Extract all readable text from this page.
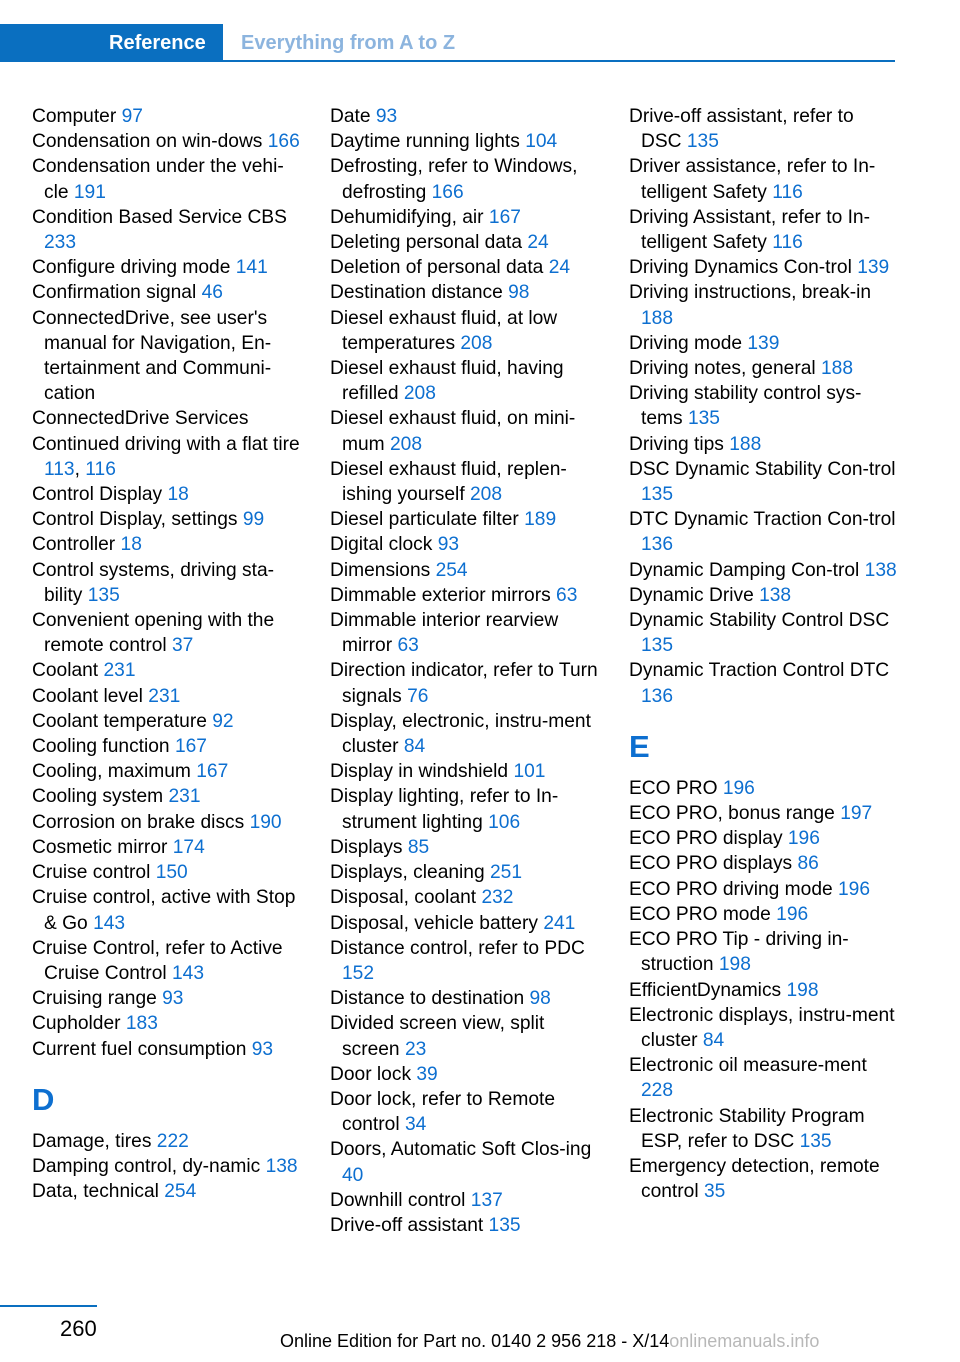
Reference	Everything from A to Z
Computer 97
Condensation on win-dows 166
Condensation under the vehi-cle 191
Condition Based Service CBS 233
Configure driving mode 141
Confirmation signal 46
ConnectedDrive, see user's manual for Navigation, En-tertainment and Communi-cation
ConnectedDrive Services
Continued driving with a flat tire 113, 116
Control Display 18
Control Display, settings 99
Controller 18
Control systems, driving sta-bility 135
Convenient opening with the remote control 37
Coolant 231
Coolant level 231
Coolant temperature 92
Cooling function 167
Cooling, maximum 167
Cooling system 231
Corrosion on brake discs 190
Cosmetic mirror 174
Cruise control 150
Cruise control, active with Stop & Go 143
Cruise Control, refer to Active Cruise Control 143
Cruising range 93
Cupholder 183
Current fuel consumption 93
D
Damage, tires 222
Damping control, dy-namic 138
Data, technical 254
Date 93
Daytime running lights 104
Defrosting, refer to Windows, defrosting 166
Dehumidifying, air 167
Deleting personal data 24
Deletion of personal data 24
Destination distance 98
Diesel exhaust fluid, at low temperatures 208
Diesel exhaust fluid, having refilled 208
Diesel exhaust fluid, on mini-mum 208
Diesel exhaust fluid, replen-ishing yourself 208
Diesel particulate filter 189
Digital clock 93
Dimensions 254
Dimmable exterior mirrors 63
Dimmable interior rearview mirror 63
Direction indicator, refer to Turn signals 76
Display, electronic, instru-ment cluster 84
Display in windshield 101
Display lighting, refer to In-strument lighting 106
Displays 85
Displays, cleaning 251
Disposal, coolant 232
Disposal, vehicle battery 241
Distance control, refer to PDC 152
Distance to destination 98
Divided screen view, split screen 23
Door lock 39
Door lock, refer to Remote control 34
Doors, Automatic Soft Clos-ing 40
Downhill control 137
Drive-off assistant 135
Drive-off assistant, refer to DSC 135
Driver assistance, refer to In-telligent Safety 116
Driving Assistant, refer to In-telligent Safety 116
Driving Dynamics Con-trol 139
Driving instructions, break-in 188
Driving mode 139
Driving notes, general 188
Driving stability control sys-tems 135
Driving tips 188
DSC Dynamic Stability Con-trol 135
DTC Dynamic Traction Con-trol 136
Dynamic Damping Con-trol 138
Dynamic Drive 138
Dynamic Stability Control DSC 135
Dynamic Traction Control DTC 136
E
ECO PRO 196
ECO PRO, bonus range 197
ECO PRO display 196
ECO PRO displays 86
ECO PRO driving mode 196
ECO PRO mode 196
ECO PRO Tip - driving in-struction 198
EfficientDynamics 198
Electronic displays, instru-ment cluster 84
Electronic oil measure-ment 228
Electronic Stability Program ESP, refer to DSC 135
Emergency detection, remote control 35
260	Online Edition for Part no. 0140 2 956 218 - X/14onlinemanuals.info
